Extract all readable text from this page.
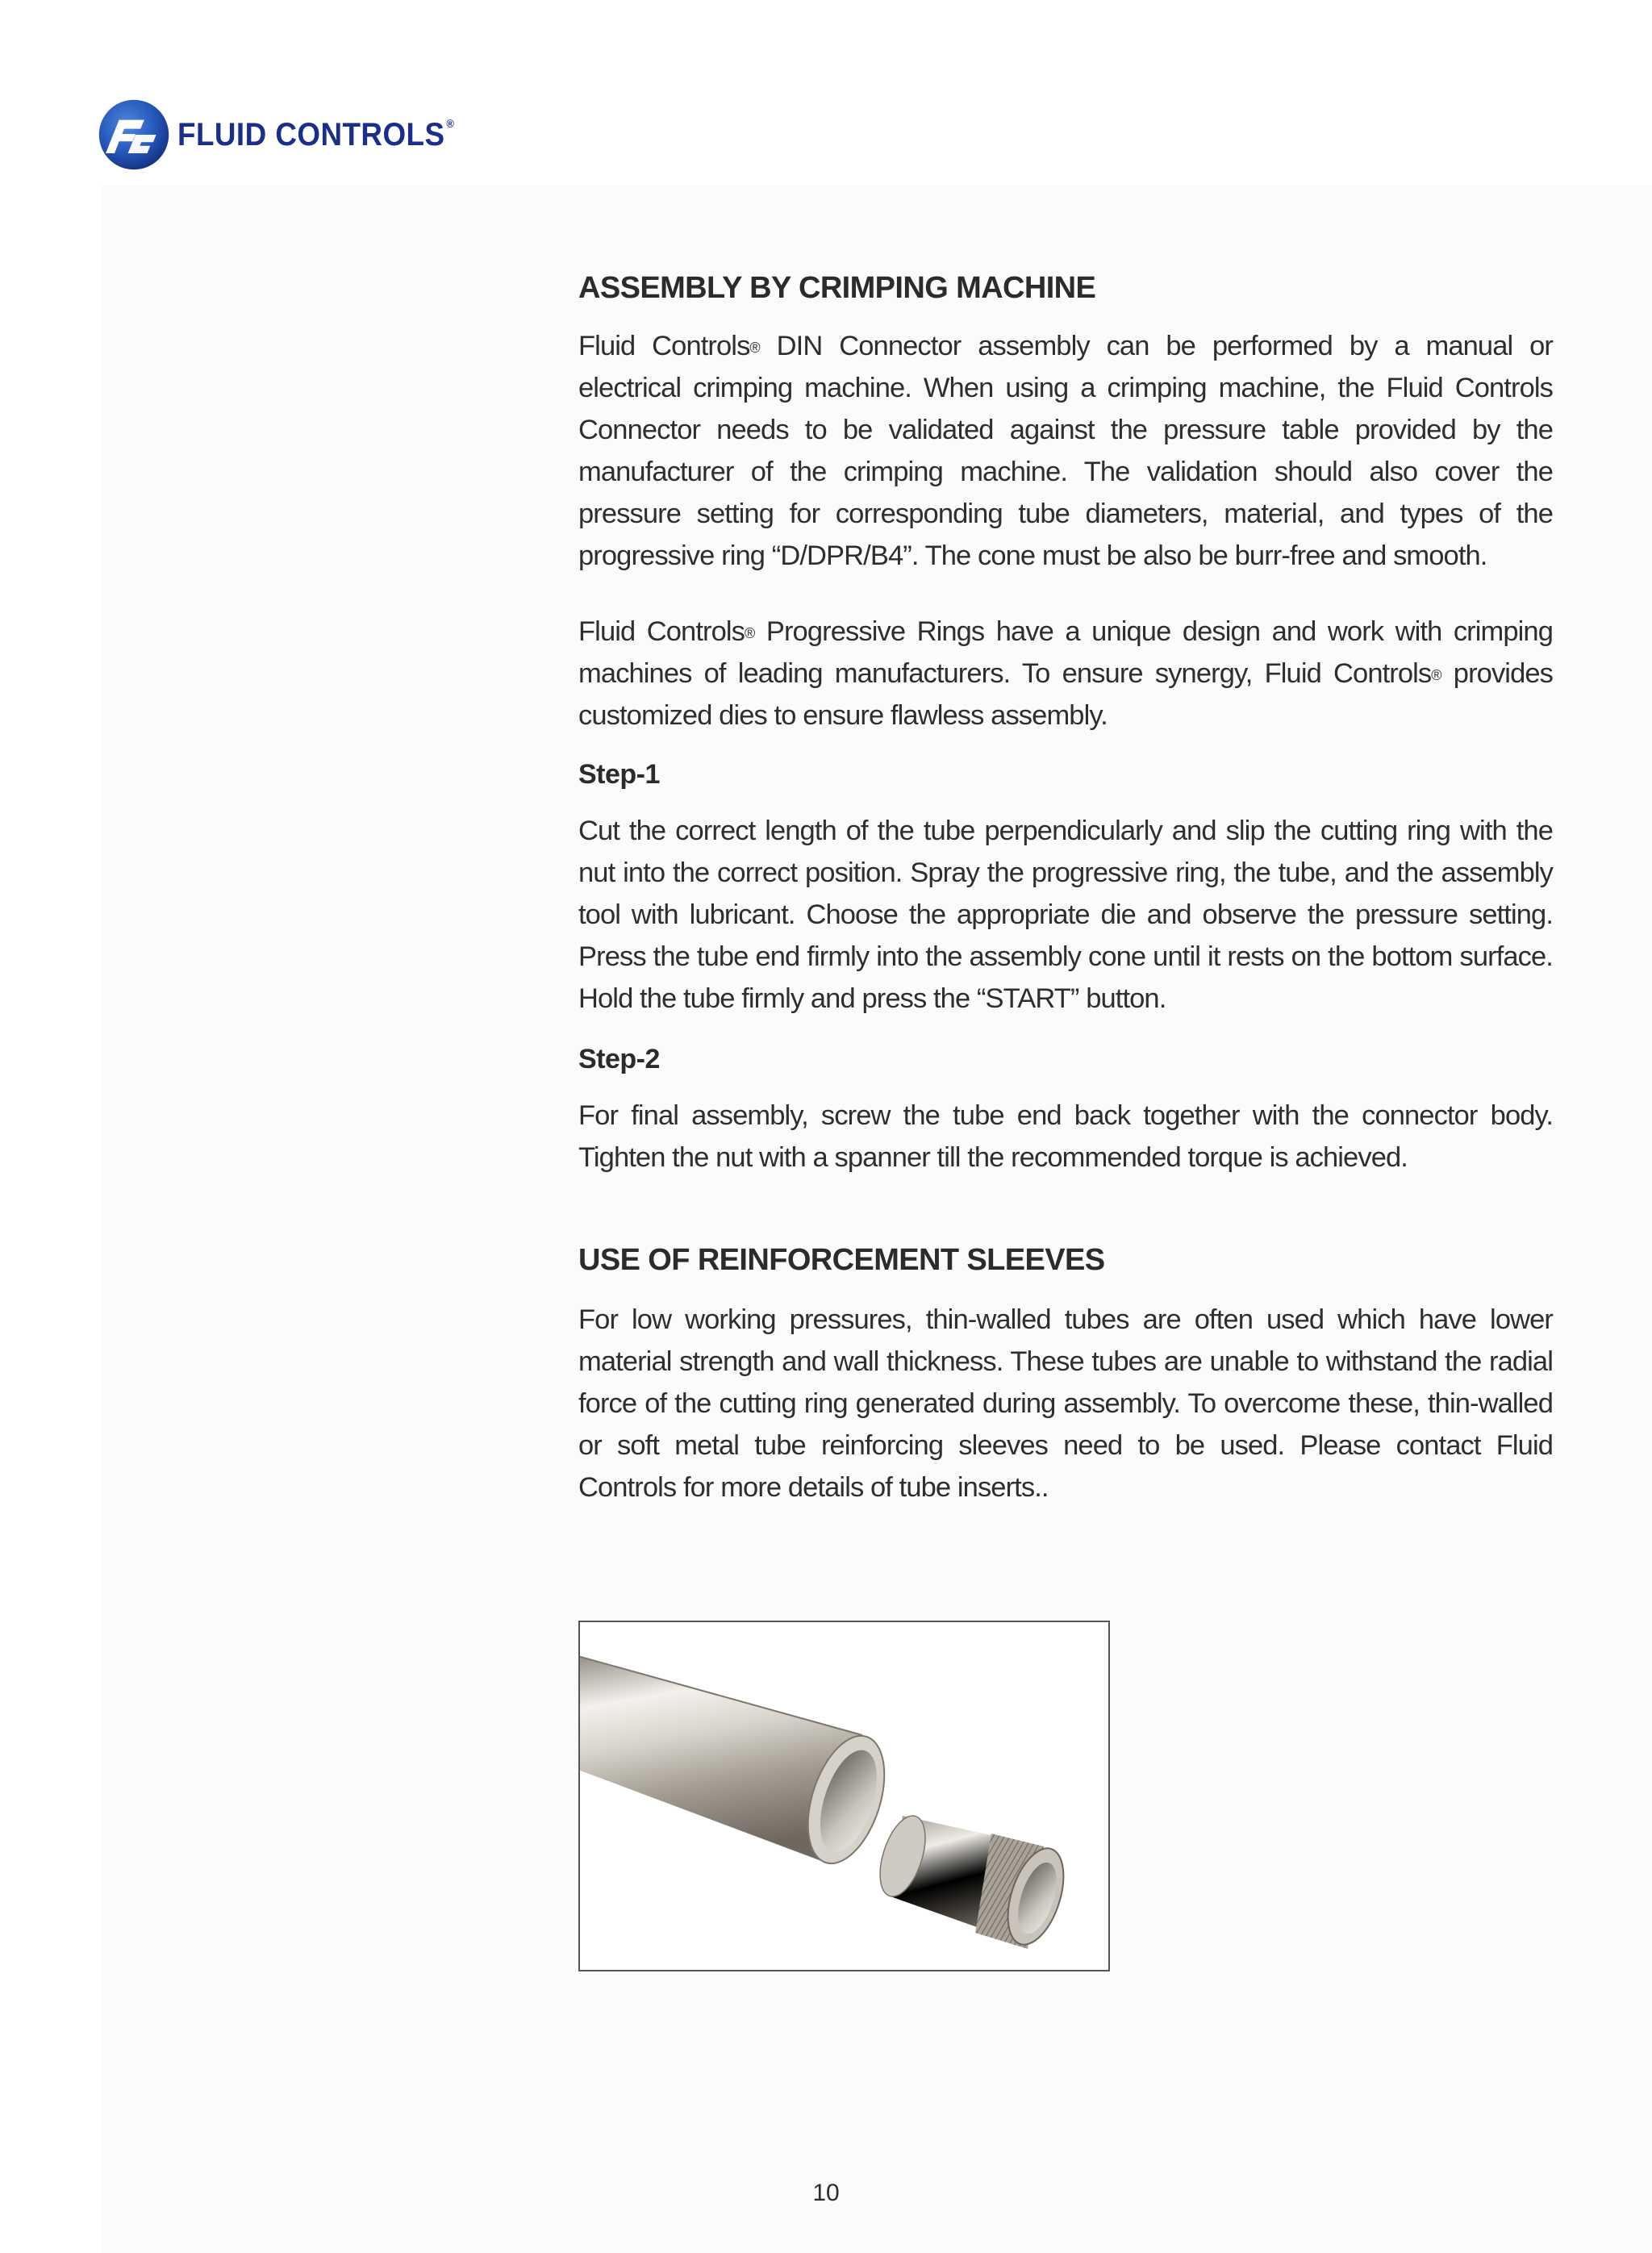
FLUID CONTROLS ®
ASSEMBLY BY CRIMPING MACHINE

Fluid Controls® DIN Connector assembly can be performed by a manual or electrical crimping machine. When using a crimping machine, the Fluid Controls Connector needs to be validated against the pressure table provided by the manufacturer of the crimping machine. The validation should also cover the pressure setting for corresponding tube diameters, material, and types of the progressive ring “D/DPR/B4”. The cone must be also be burr-free and smooth.

Fluid Controls® Progressive Rings have a unique design and work with crimping machines of leading manufacturers. To ensure synergy, Fluid Controls® provides customized dies to ensure flawless assembly.

Step-1

Cut the correct length of the tube perpendicularly and slip the cutting ring with the nut into the correct position. Spray the progressive ring, the tube, and the assembly tool with lubricant. Choose the appropriate die and observe the pressure setting. Press the tube end firmly into the assembly cone until it rests on the bottom surface. Hold the tube firmly and press the “START” button.

Step-2

For final assembly, screw the tube end back together with the connector body. Tighten the nut with a spanner till the recommended torque is achieved.

USE OF REINFORCEMENT SLEEVES

For low working pressures, thin-walled tubes are often used which have lower material strength and wall thickness. These tubes are unable to withstand the radial force of the cutting ring generated during assembly. To overcome these, thin-walled or soft metal tube reinforcing sleeves need to be used. Please contact Fluid Controls for more details of tube inserts..

10
